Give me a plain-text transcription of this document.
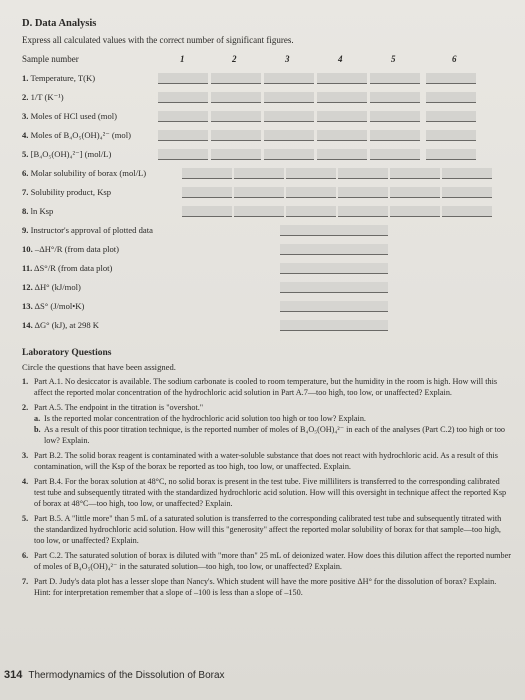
D. Data Analysis
Express all calculated values with the correct number of significant figures.
Sample number	1	2	3	4	5	6
1. Temperature, T(K)
2. 1/T (K⁻¹)
3. Moles of HCl used (mol)
4. Moles of B₄O₅(OH)₄²⁻ (mol)
5. [B₄O₅(OH)₄²⁻] (mol/L)
6. Molar solubility of borax (mol/L)
7. Solubility product, Ksp
8. ln Ksp
9. Instructor's approval of plotted data
10. –ΔH°/R (from data plot)
11. ΔS°/R (from data plot)
12. ΔH° (kJ/mol)
13. ΔS° (J/mol•K)
14. ΔG° (kJ), at 298 K
Laboratory Questions
Circle the questions that have been assigned.
1. Part A.1. No desiccator is available. The sodium carbonate is cooled to room temperature, but the humidity in the room is high. How will this affect the reported molar concentration of the hydrochloric acid solution in Part A.7—too high, too low, or unaffected? Explain.
2. Part A.5. The endpoint in the titration is "overshot."
a. Is the reported molar concentration of the hydrochloric acid solution too high or too low? Explain.
b. As a result of this poor titration technique, is the reported number of moles of B₄O₅(OH)₄²⁻ in each of the analyses (Part C.2) too high or too low? Explain.
3. Part B.2. The solid borax reagent is contaminated with a water-soluble substance that does not react with hydrochloric acid. As a result of this contamination, will the Ksp of the borax be reported as too high, too low, or unaffected. Explain.
4. Part B.4. For the borax solution at 48°C, no solid borax is present in the test tube. Five milliliters is transferred to the corresponding calibrated test tube and subsequently titrated with the standardized hydrochloric acid solution. How will this oversight in technique affect the reported Ksp of borax at 48°C—too high, too low, or unaffected? Explain.
5. Part B.5. A "little more" than 5 mL of a saturated solution is transferred to the corresponding calibrated test tube and subsequently titrated with the standardized hydrochloric acid solution. How will this "generosity" affect the reported molar solubility of borax for that sample—too high, too low, or unaffected? Explain.
6. Part C.2. The saturated solution of borax is diluted with "more than" 25 mL of deionized water. How does this dilution affect the reported number of moles of B₄O₅(OH)₄²⁻ in the saturated solution—too high, too low, or unaffected? Explain.
7. Part D. Judy's data plot has a lesser slope than Nancy's. Which student will have the more positive ΔH° for the dissolution of borax? Explain. Hint: for interpretation remember that a slope of –100 is less than a slope of –150.
314 Thermodynamics of the Dissolution of Borax
